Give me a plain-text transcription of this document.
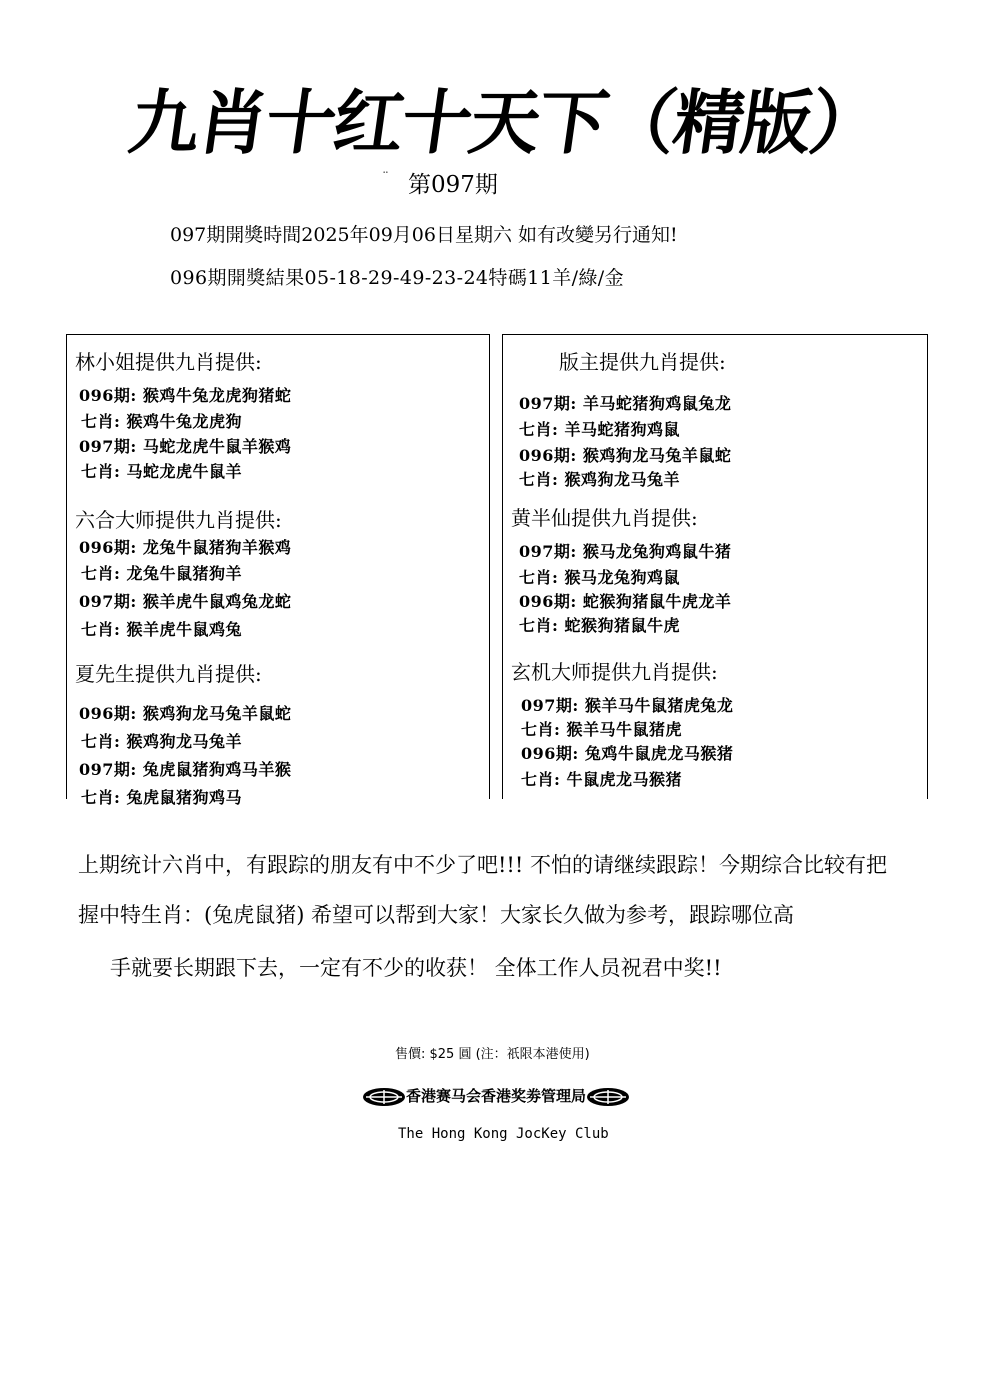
九肖十红十天下（精版）
¨ 第097期
097期開獎時間2025年09月06日星期六 如有改變另行通知!
096期開獎結果05-18-29-49-23-24特碼11羊/綠/金
林小姐提供九肖提供:
096期: 猴鸡牛兔龙虎狗猪蛇
七肖: 猴鸡牛兔龙虎狗
097期: 马蛇龙虎牛鼠羊猴鸡
七肖: 马蛇龙虎牛鼠羊
六合大师提供九肖提供:
096期: 龙兔牛鼠猪狗羊猴鸡
七肖: 龙兔牛鼠猪狗羊
097期: 猴羊虎牛鼠鸡兔龙蛇
七肖: 猴羊虎牛鼠鸡兔
夏先生提供九肖提供:
096期: 猴鸡狗龙马兔羊鼠蛇
七肖: 猴鸡狗龙马兔羊
097期: 兔虎鼠猪狗鸡马羊猴
七肖: 兔虎鼠猪狗鸡马
版主提供九肖提供:
097期: 羊马蛇猪狗鸡鼠兔龙
七肖: 羊马蛇猪狗鸡鼠
096期: 猴鸡狗龙马兔羊鼠蛇
七肖: 猴鸡狗龙马兔羊
黄半仙提供九肖提供:
097期: 猴马龙兔狗鸡鼠牛猪
七肖: 猴马龙兔狗鸡鼠
096期: 蛇猴狗猪鼠牛虎龙羊
七肖: 蛇猴狗猪鼠牛虎
玄机大师提供九肖提供:
097期: 猴羊马牛鼠猪虎兔龙
七肖: 猴羊马牛鼠猪虎
096期: 兔鸡牛鼠虎龙马猴猪
七肖: 牛鼠虎龙马猴猪
上期统计六肖中，有跟踪的朋友有中不少了吧!!! 不怕的请继续跟踪！今期综合比较有把
握中特生肖：(兔虎鼠猪) 希望可以帮到大家！大家长久做为参考，跟踪哪位高
手就要长期跟下去，一定有不少的收获！ 全体工作人员祝君中奖!!
售價: $25 圓 (注：祇限本港使用)
香港赛马会香港奖劵管理局
The Hong Kong JocKey Club
